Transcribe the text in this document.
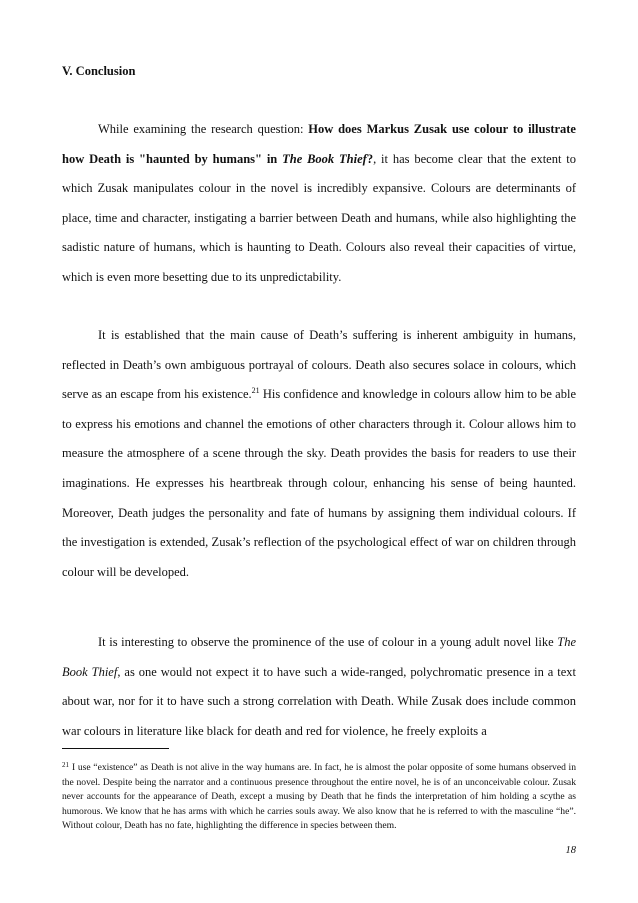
V. Conclusion

While examining the research question: How does Markus Zusak use colour to illustrate how Death is "haunted by humans" in The Book Thief?, it has become clear that the extent to which Zusak manipulates colour in the novel is incredibly expansive. Colours are determinants of place, time and character, instigating a barrier between Death and humans, while also highlighting the sadistic nature of humans, which is haunting to Death. Colours also reveal their capacities of virtue, which is even more besetting due to its unpredictability.

It is established that the main cause of Death’s suffering is inherent ambiguity in humans, reflected in Death’s own ambiguous portrayal of colours. Death also secures solace in colours, which serve as an escape from his existence.$^{21}$ His confidence and knowledge in colours allow him to be able to express his emotions and channel the emotions of other characters through it. Colour allows him to measure the atmosphere of a scene through the sky. Death provides the basis for readers to use their imaginations. He expresses his heartbreak through colour, enhancing his sense of being haunted. Moreover, Death judges the personality and fate of humans by assigning them individual colours. If the investigation is extended, Zusak’s reflection of the psychological effect of war on children through colour will be developed.

It is interesting to observe the prominence of the use of colour in a young adult novel like The Book Thief, as one would not expect it to have such a wide-ranged, polychromatic presence in a text about war, nor for it to have such a strong correlation with Death. While Zusak does include common war colours in literature like black for death and red for violence, he freely exploits a

$^{21}$ I use “existence” as Death is not alive in the way humans are. In fact, he is almost the polar opposite of some humans observed in the novel. Despite being the narrator and a continuous presence throughout the entire novel, he is of an unconceivable colour. Zusak never accounts for the appearance of Death, except a musing by Death that he finds the interpretation of him holding a scythe as humorous. We know that he has arms with which he carries souls away. We also know that he is referred to with the masculine “he”. Without colour, Death has no fate, highlighting the difference in species between them.

18
